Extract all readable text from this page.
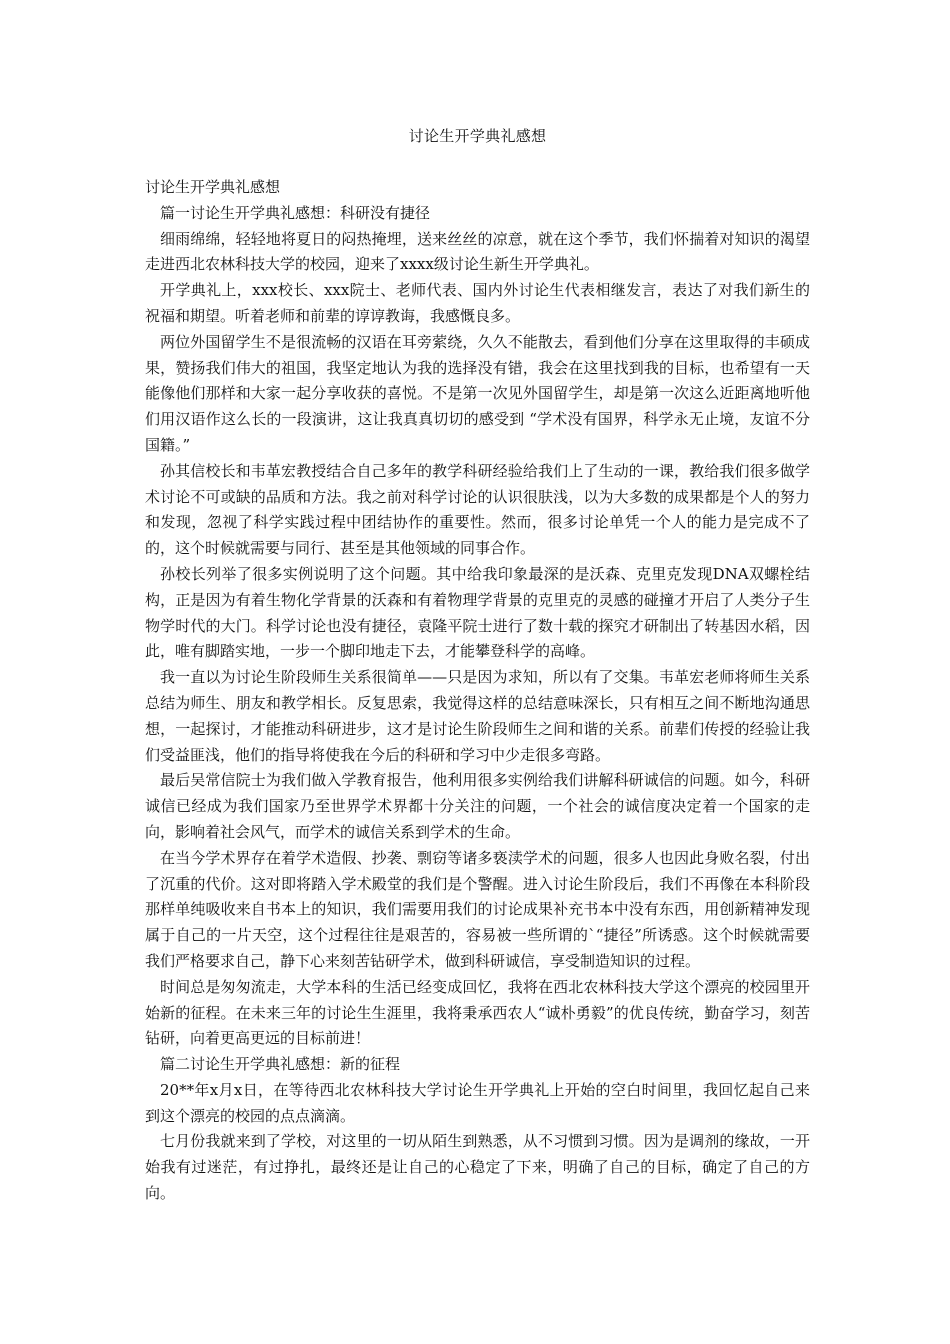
讨论生开学典礼感想
讨论生开学典礼感想
篇一讨论生开学典礼感想：科研没有捷径

细雨绵绵，轻轻地将夏日的闷热掩埋，送来丝丝的凉意，就在这个季节，我们怀揣着对知识的渴望走进西北农林科技大学的校园，迎来了xxxx级讨论生新生开学典礼。

开学典礼上，xxx校长、xxx院士、老师代表、国内外讨论生代表相继发言，表达了对我们新生的祝福和期望。听着老师和前辈的谆谆教诲，我感慨良多。

两位外国留学生不是很流畅的汉语在耳旁萦绕，久久不能散去，看到他们分享在这里取得的丰硕成果，赞扬我们伟大的祖国，我坚定地认为我的选择没有错，我会在这里找到我的目标，也希望有一天能像他们那样和大家一起分享收获的喜悦。不是第一次见外国留学生，却是第一次这么近距离地听他们用汉语作这么长的一段演讲，这让我真真切切的感受到 “学术没有国界，科学永无止境，友谊不分国籍。”

孙其信校长和韦革宏教授结合自己多年的教学科研经验给我们上了生动的一课，教给我们很多做学术讨论不可或缺的品质和方法。我之前对科学讨论的认识很肤浅，以为大多数的成果都是个人的努力和发现，忽视了科学实践过程中团结协作的重要性。然而，很多讨论单凭一个人的能力是完成不了的，这个时候就需要与同行、甚至是其他领域的同事合作。

孙校长列举了很多实例说明了这个问题。其中给我印象最深的是沃森、克里克发现DNA双螺栓结构，正是因为有着生物化学背景的沃森和有着物理学背景的克里克的灵感的碰撞才开启了人类分子生物学时代的大门。科学讨论也没有捷径，袁隆平院士进行了数十载的探究才研制出了转基因水稻，因此，唯有脚踏实地，一步一个脚印地走下去，才能攀登科学的高峰。

我一直以为讨论生阶段师生关系很简单——只是因为求知，所以有了交集。韦革宏老师将师生关系总结为师生、朋友和教学相长。反复思索，我觉得这样的总结意味深长，只有相互之间不断地沟通思想，一起探讨，才能推动科研进步，这才是讨论生阶段师生之间和谐的关系。前辈们传授的经验让我们受益匪浅，他们的指导将使我在今后的科研和学习中少走很多弯路。

最后吴常信院士为我们做入学教育报告，他利用很多实例给我们讲解科研诚信的问题。如今，科研诚信已经成为我们国家乃至世界学术界都十分关注的问题，一个社会的诚信度决定着一个国家的走向，影响着社会风气，而学术的诚信关系到学术的生命。

在当今学术界存在着学术造假、抄袭、剽窃等诸多亵渎学术的问题，很多人也因此身败名裂，付出了沉重的代价。这对即将踏入学术殿堂的我们是个警醒。进入讨论生阶段后，我们不再像在本科阶段那样单纯吸收来自书本上的知识，我们需要用我们的讨论成果补充书本中没有东西，用创新精神发现属于自己的一片天空，这个过程往往是艰苦的，容易被一些所谓的`“捷径”所诱惑。这个时候就需要我们严格要求自己，静下心来刻苦钻研学术，做到科研诚信，享受制造知识的过程。

时间总是匆匆流走，大学本科的生活已经变成回忆，我将在西北农林科技大学这个漂亮的校园里开始新的征程。在未来三年的讨论生生涯里，我将秉承西农人“诚朴勇毅”的优良传统，勤奋学习，刻苦钻研，向着更高更远的目标前进！

篇二讨论生开学典礼感想：新的征程

20**年x月x日，在等待西北农林科技大学讨论生开学典礼上开始的空白时间里，我回忆起自己来到这个漂亮的校园的点点滴滴。

七月份我就来到了学校，对这里的一切从陌生到熟悉，从不习惯到习惯。因为是调剂的缘故，一开始我有过迷茫，有过挣扎，最终还是让自己的心稳定了下来，明确了自己的目标，确定了自己的方向。
